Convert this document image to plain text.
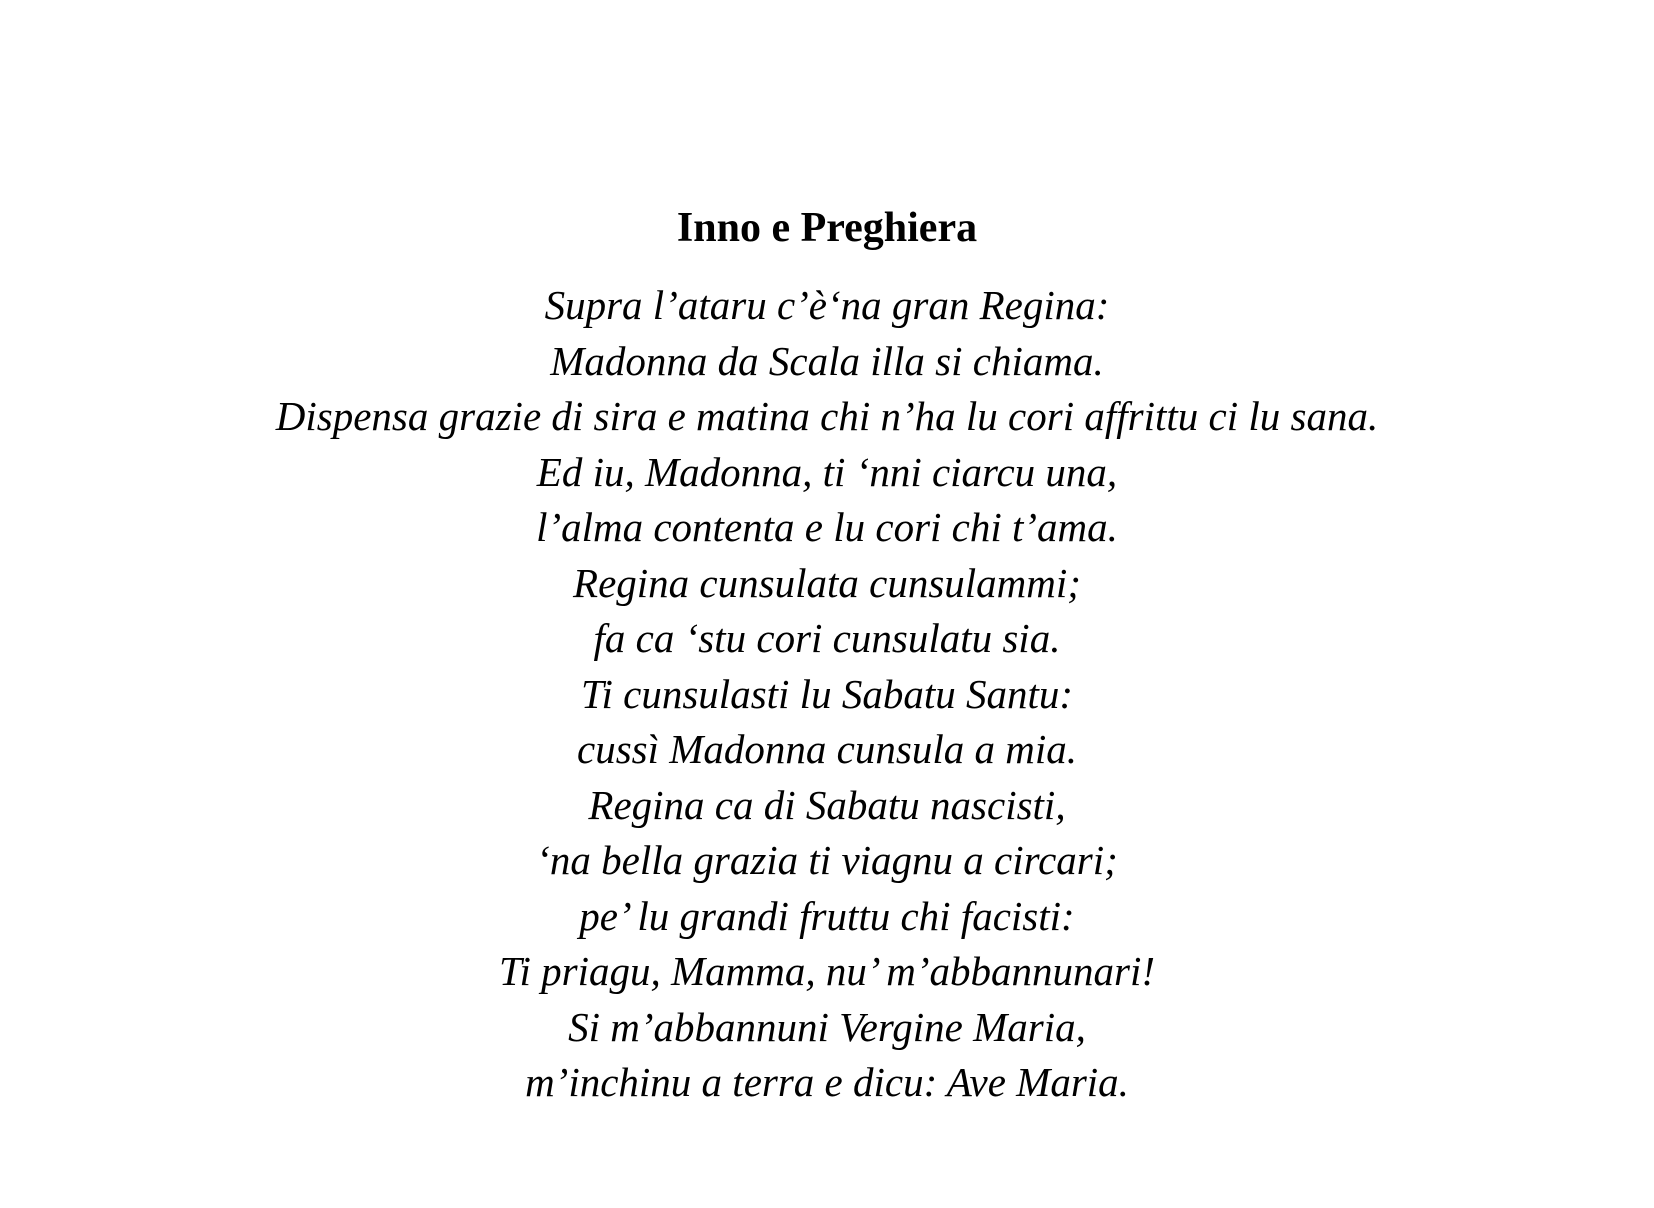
Inno e Preghiera
Supra l’ataru c’è‘na gran Regina:
Madonna da Scala illa si chiama.
Dispensa grazie di sira e matina chi n’ha lu cori affrittu ci lu sana.
Ed iu, Madonna, ti ‘nni ciarcu una,
l’alma contenta e lu cori chi t’ama.
Regina cunsulata cunsulammi;
fa ca ‘stu cori cunsulatu sia.
Ti cunsulasti lu Sabatu Santu:
cussì Madonna cunsula a mia.
Regina ca di Sabatu nascisti,
‘na bella grazia ti viagnu a circari;
pe’ lu grandi fruttu chi facisti:
Ti priagu, Mamma, nu’ m’abbannunari!
Si m’abbannuni Vergine Maria,
m’inchinu a terra e dicu: Ave Maria.
